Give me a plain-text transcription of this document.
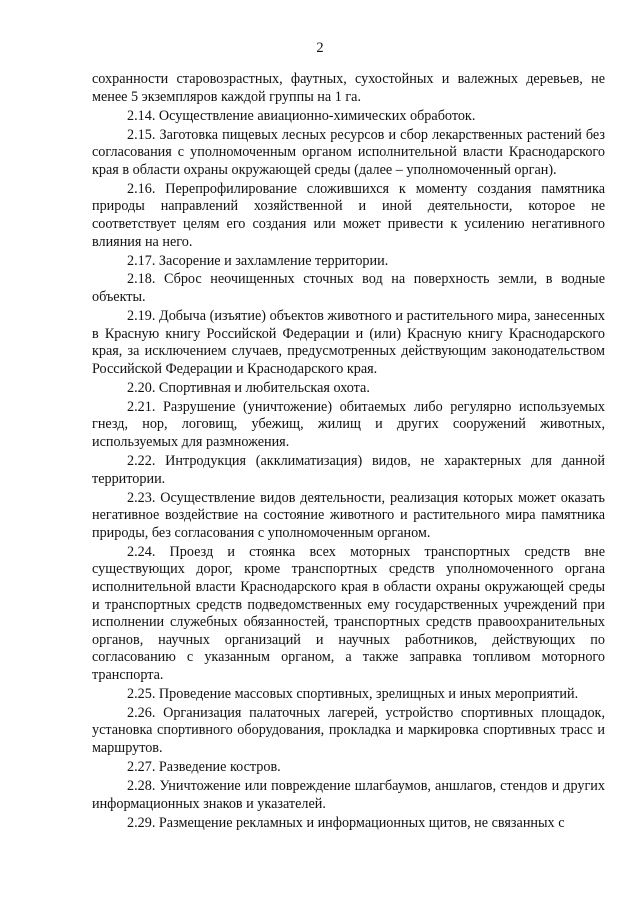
2

сохранности старовозрастных, фаутных, сухостойных и валежных деревьев, не менее 5 экземпляров каждой группы на 1 га.

2.14. Осуществление авиационно-химических обработок.

2.15. Заготовка пищевых лесных ресурсов и сбор лекарственных растений без согласования с уполномоченным органом исполнительной власти Краснодарского края в области охраны окружающей среды (далее – уполномоченный орган).

2.16. Перепрофилирование сложившихся к моменту создания памятника природы направлений хозяйственной и иной деятельности, которое не соответствует целям его создания или может привести к усилению негативного влияния на него.

2.17. Засорение и захламление территории.

2.18. Сброс неочищенных сточных вод на поверхность земли, в водные объекты.

2.19. Добыча (изъятие) объектов животного и растительного мира, занесенных в Красную книгу Российской Федерации и (или) Красную книгу Краснодарского края, за исключением случаев, предусмотренных действующим законодательством Российской Федерации и Краснодарского края.

2.20. Спортивная и любительская охота.

2.21. Разрушение (уничтожение) обитаемых либо регулярно используемых гнезд, нор, логовищ, убежищ, жилищ и других сооружений животных, используемых для размножения.

2.22. Интродукция (акклиматизация) видов, не характерных для данной территории.

2.23. Осуществление видов деятельности, реализация которых может оказать негативное воздействие на состояние животного и растительного мира памятника природы, без согласования с уполномоченным органом.

2.24. Проезд и стоянка всех моторных транспортных средств вне существующих дорог, кроме транспортных средств уполномоченного органа исполнительной власти Краснодарского края в области охраны окружающей среды и транспортных средств подведомственных ему государственных учреждений при исполнении служебных обязанностей, транспортных средств правоохранительных органов, научных организаций и научных работников, действующих по согласованию с указанным органом, а также заправка топливом моторного транспорта.

2.25. Проведение массовых спортивных, зрелищных и иных мероприятий.

2.26. Организация палаточных лагерей, устройство спортивных площадок, установка спортивного оборудования, прокладка и маркировка спортивных трасс и маршрутов.

2.27. Разведение костров.

2.28. Уничтожение или повреждение шлагбаумов, аншлагов, стендов и других информационных знаков и указателей.

2.29. Размещение рекламных и информационных щитов, не связанных с
